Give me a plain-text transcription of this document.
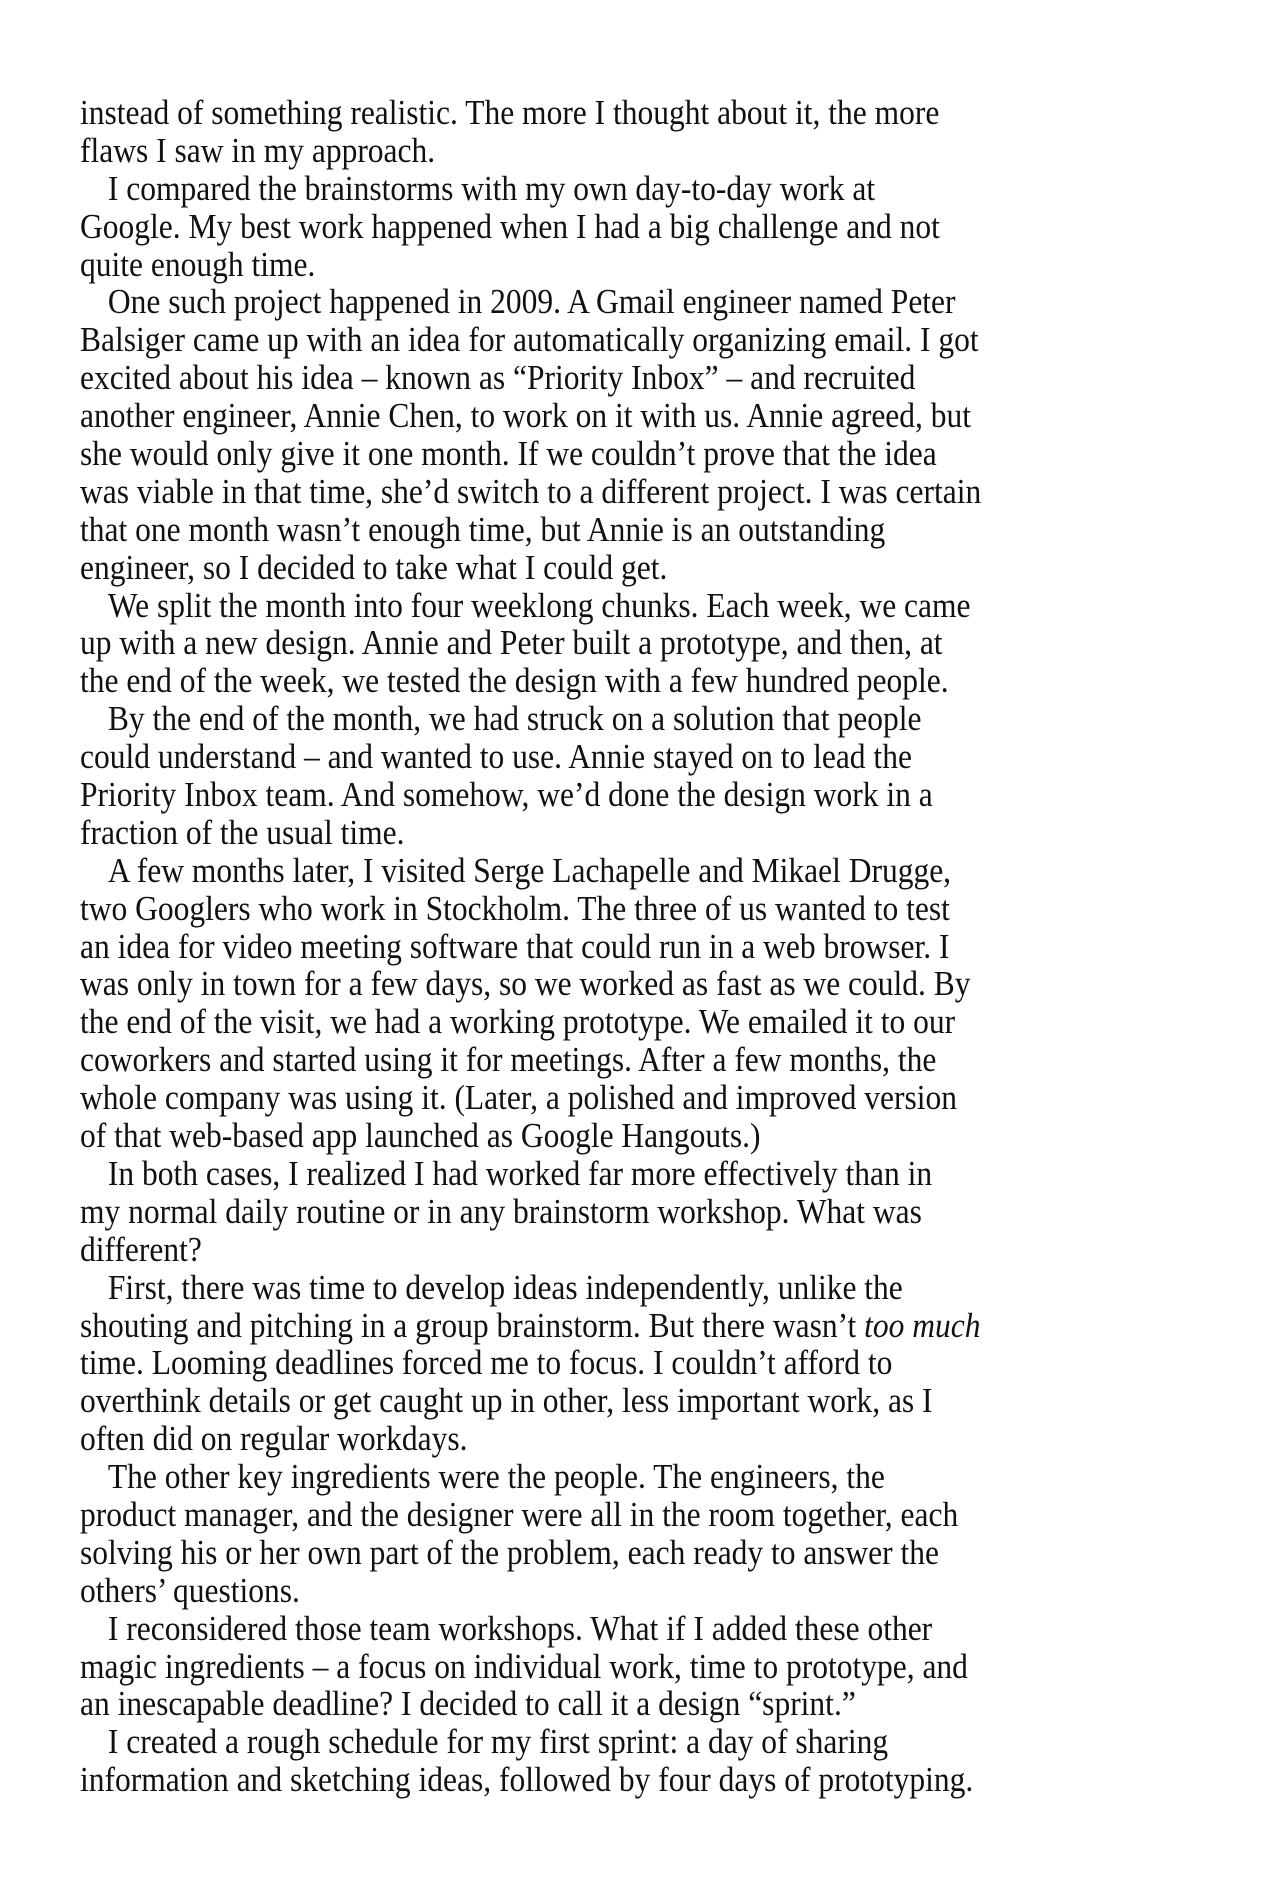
instead of something realistic. The more I thought about it, the more
flaws I saw in my approach.
I compared the brainstorms with my own day-to-day work at
Google. My best work happened when I had a big challenge and not
quite enough time.
One such project happened in 2009. A Gmail engineer named Peter
Balsiger came up with an idea for automatically organizing email. I got
excited about his idea – known as “Priority Inbox” – and recruited
another engineer, Annie Chen, to work on it with us. Annie agreed, but
she would only give it one month. If we couldn’t prove that the idea
was viable in that time, she’d switch to a different project. I was certain
that one month wasn’t enough time, but Annie is an outstanding
engineer, so I decided to take what I could get.
We split the month into four weeklong chunks. Each week, we came
up with a new design. Annie and Peter built a prototype, and then, at
the end of the week, we tested the design with a few hundred people.
By the end of the month, we had struck on a solution that people
could understand – and wanted to use. Annie stayed on to lead the
Priority Inbox team. And somehow, we’d done the design work in a
fraction of the usual time.
A few months later, I visited Serge Lachapelle and Mikael Drugge,
two Googlers who work in Stockholm. The three of us wanted to test
an idea for video meeting software that could run in a web browser. I
was only in town for a few days, so we worked as fast as we could. By
the end of the visit, we had a working prototype. We emailed it to our
coworkers and started using it for meetings. After a few months, the
whole company was using it. (Later, a polished and improved version
of that web-based app launched as Google Hangouts.)
In both cases, I realized I had worked far more effectively than in
my normal daily routine or in any brainstorm workshop. What was
different?
First, there was time to develop ideas independently, unlike the
shouting and pitching in a group brainstorm. But there wasn’t too much
time. Looming deadlines forced me to focus. I couldn’t afford to
overthink details or get caught up in other, less important work, as I
often did on regular workdays.
The other key ingredients were the people. The engineers, the
product manager, and the designer were all in the room together, each
solving his or her own part of the problem, each ready to answer the
others’ questions.
I reconsidered those team workshops. What if I added these other
magic ingredients – a focus on individual work, time to prototype, and
an inescapable deadline? I decided to call it a design “sprint.”
I created a rough schedule for my first sprint: a day of sharing
information and sketching ideas, followed by four days of prototyping.
